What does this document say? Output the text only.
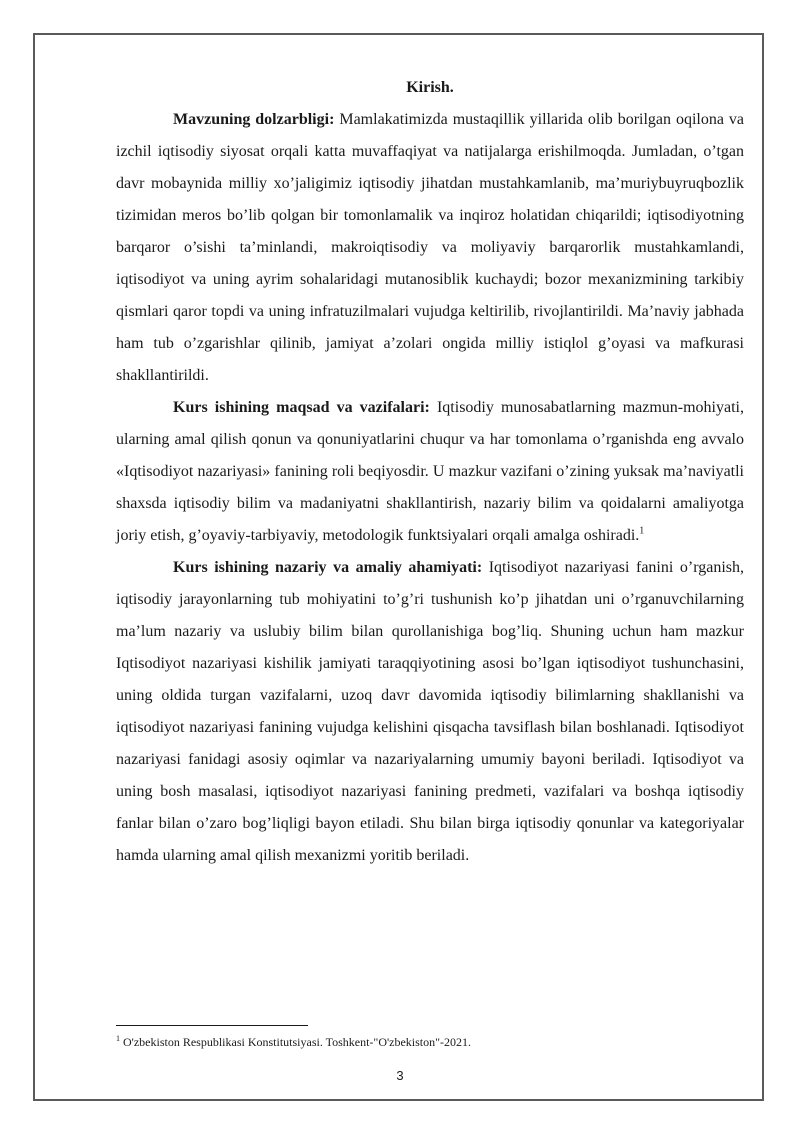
Kirish.

Mavzuning dolzarbligi: Mamlakatimizda mustaqillik yillarida olib borilgan oqilona va izchil iqtisodiy siyosat orqali katta muvaffaqiyat va natijalarga erishilmoqda. Jumladan, o’tgan davr mobaynida milliy xo’jaligimiz iqtisodiy jihatdan mustahkamlanib, ma’muriybuyruqbozlik tizimidan meros bo’lib qolgan bir tomonlamalik va inqiroz holatidan chiqarildi; iqtisodiyotning barqaror o’sishi ta’minlandi, makroiqtisodiy va moliyaviy barqarorlik mustahkamlandi, iqtisodiyot va uning ayrim sohalaridagi mutanosiblik kuchaydi; bozor mexanizmining tarkibiy qismlari qaror topdi va uning infratuzilmalari vujudga keltirilib, rivojlantirildi. Ma’naviy jabhada ham tub o’zgarishlar qilinib, jamiyat a’zolari ongida milliy istiqlol g’oyasi va mafkurasi shakllantirildi.

Kurs ishining maqsad va vazifalari: Iqtisodiy munosabatlarning mazmun-mohiyati, ularning amal qilish qonun va qonuniyatlarini chuqur va har tomonlama o’rganishda eng avvalo «Iqtisodiyot nazariyasi» fanining roli beqiyosdir. U mazkur vazifani o’zining yuksak ma’naviyatli shaxsda iqtisodiy bilim va madaniyatni shakllantirish, nazariy bilim va qoidalarni amaliyotga joriy etish, g’oyaviy-tarbiyaviy, metodologik funktsiyalari orqali amalga oshiradi.$^1$

Kurs ishining nazariy va amaliy ahamiyati: Iqtisodiyot nazariyasi fanini o’rganish, iqtisodiy jarayonlarning tub mohiyatini to’g’ri tushunish ko’p jihatdan uni o’rganuvchilarning ma’lum nazariy va uslubiy bilim bilan qurollanishiga bog’liq. Shuning uchun ham mazkur Iqtisodiyot nazariyasi kishilik jamiyati taraqqiyotining asosi bo’lgan iqtisodiyot tushunchasini, uning oldida turgan vazifalarni, uzoq davr davomida iqtisodiy bilimlarning shakllanishi va iqtisodiyot nazariyasi fanining vujudga kelishini qisqacha tavsiflash bilan boshlanadi. Iqtisodiyot nazariyasi fanidagi asosiy oqimlar va nazariyalarning umumiy bayoni beriladi. Iqtisodiyot va uning bosh masalasi, iqtisodiyot nazariyasi fanining predmeti, vazifalari va boshqa iqtisodiy fanlar bilan o’zaro bog’liqligi bayon etiladi. Shu bilan birga iqtisodiy qonunlar va kategoriyalar hamda ularning amal qilish mexanizmi yoritib beriladi.

$^1$ O'zbekiston Respublikasi Konstitutsiyasi. Toshkent-"O'zbekiston"-2021.
3
